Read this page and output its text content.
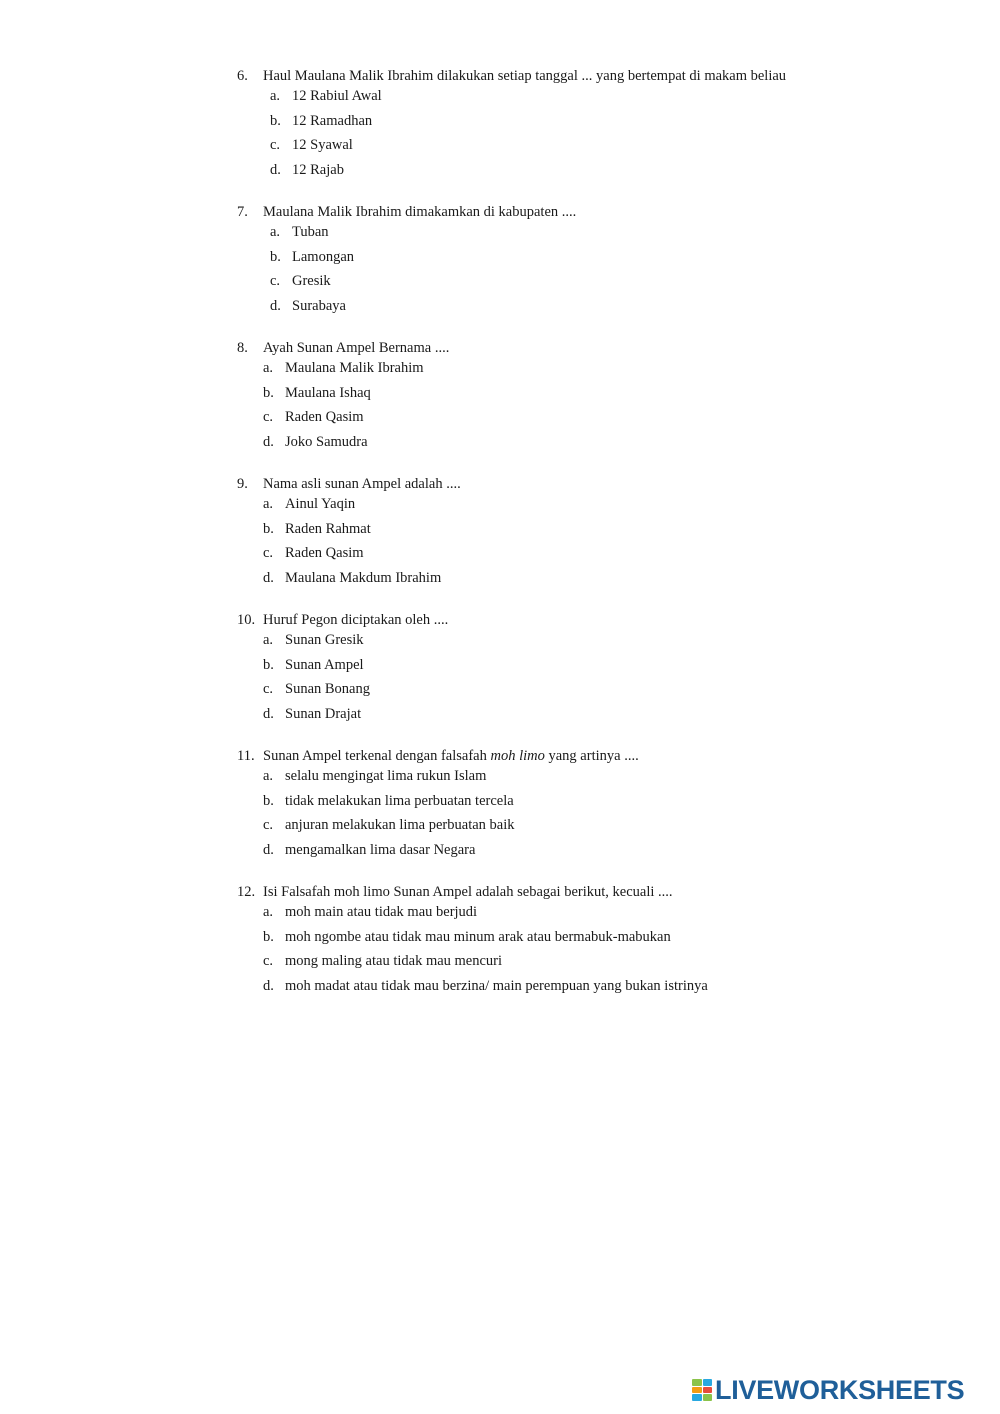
6. Haul Maulana Malik Ibrahim dilakukan setiap tanggal ... yang bertempat di makam beliau
a. 12 Rabiul Awal
b. 12 Ramadhan
c. 12 Syawal
d. 12 Rajab
7. Maulana Malik Ibrahim dimakamkan di kabupaten ....
a. Tuban
b. Lamongan
c. Gresik
d. Surabaya
8. Ayah Sunan Ampel Bernama ....
a. Maulana Malik Ibrahim
b. Maulana Ishaq
c. Raden Qasim
d. Joko Samudra
9. Nama asli sunan Ampel adalah ....
a. Ainul Yaqin
b. Raden Rahmat
c. Raden Qasim
d. Maulana Makdum Ibrahim
10. Huruf Pegon diciptakan oleh ....
a. Sunan Gresik
b. Sunan Ampel
c. Sunan Bonang
d. Sunan Drajat
11. Sunan Ampel terkenal dengan falsafah moh limo yang artinya ....
a. selalu mengingat lima rukun Islam
b. tidak melakukan lima perbuatan tercela
c. anjuran melakukan lima perbuatan baik
d. mengamalkan lima dasar Negara
12. Isi Falsafah moh limo Sunan Ampel adalah sebagai berikut, kecuali ....
a. moh main atau tidak mau berjudi
b. moh ngombe atau tidak mau minum arak atau bermabuk-mabukan
c. mong maling atau tidak mau mencuri
d. moh madat atau tidak mau berzina/ main perempuan yang bukan istrinya
LIVEWORKSHEETS
